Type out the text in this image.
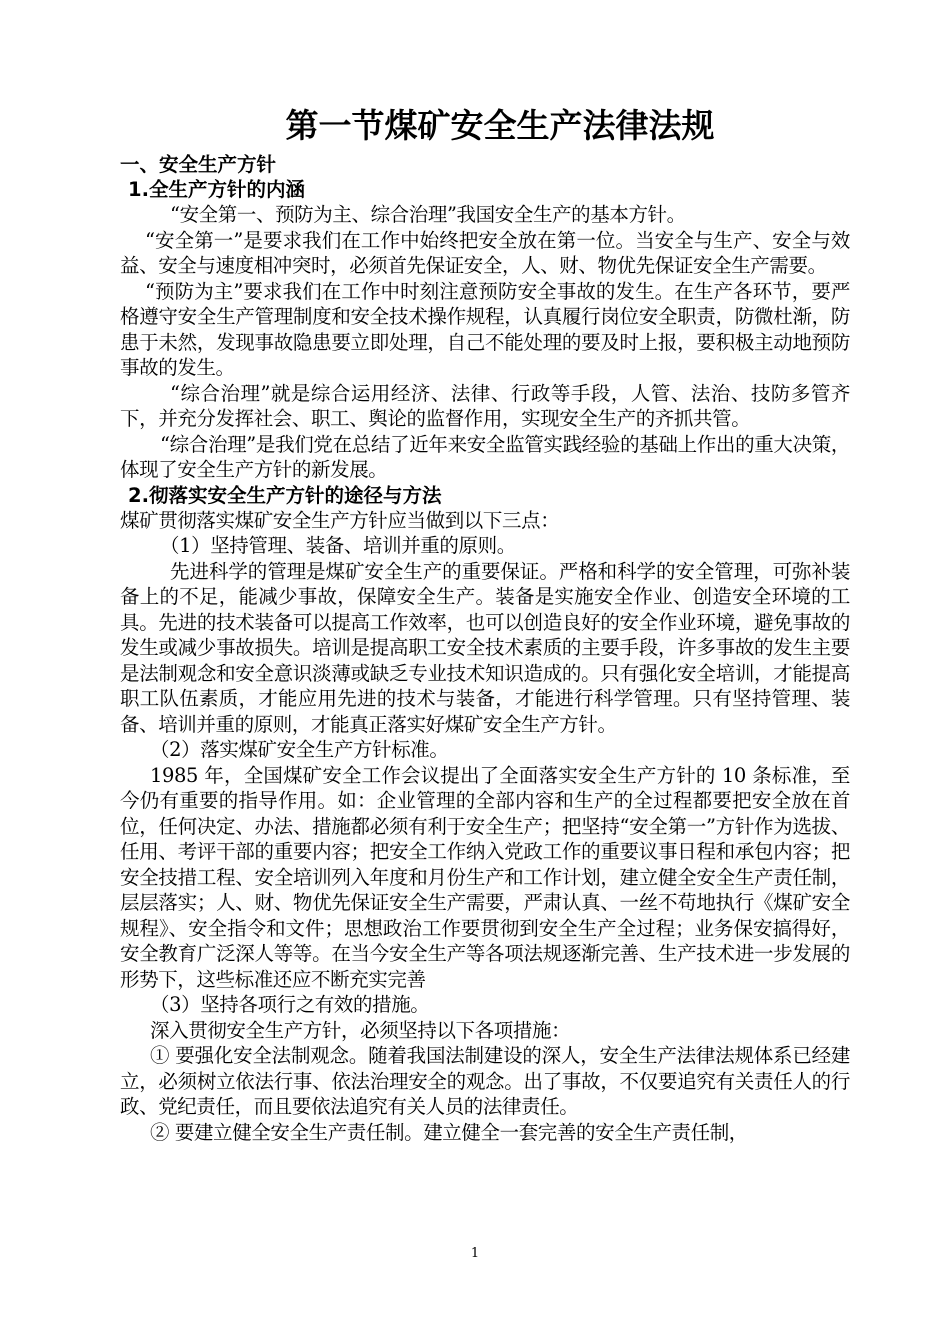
第一节煤矿安全生产法律法规
一、安全生产方针
1.全生产方针的内涵

“安全第一、预防为主、综合治理”我国安全生产的基本方针。

“安全第一”是要求我们在工作中始终把安全放在第一位。当安全与生产、安全与效益、安全与速度相冲突时，必须首先保证安全，人、财、物优先保证安全生产需要。

“预防为主”要求我们在工作中时刻注意预防安全事故的发生。在生产各环节，要严格遵守安全生产管理制度和安全技术操作规程，认真履行岗位安全职责，防微杜渐，防患于未然，发现事故隐患要立即处理，自己不能处理的要及时上报，要积极主动地预防事故的发生。

“综合治理”就是综合运用经济、法律、行政等手段，人管、法治、技防多管齐下，并充分发挥社会、职工、舆论的监督作用，实现安全生产的齐抓共管。

“综合治理”是我们党在总结了近年来安全监管实践经验的基础上作出的重大决策，体现了安全生产方针的新发展。

2.彻落实安全生产方针的途径与方法

煤矿贯彻落实煤矿安全生产方针应当做到以下三点：

（1）坚持管理、装备、培训并重的原则。

先进科学的管理是煤矿安全生产的重要保证。严格和科学的安全管理，可弥补装备上的不足，能减少事故，保障安全生产。装备是实施安全作业、创造安全环境的工具。先进的技术装备可以提高工作效率，也可以创造良好的安全作业环境，避免事故的发生或减少事故损失。培训是提高职工安全技术素质的主要手段，许多事故的发生主要是法制观念和安全意识淡薄或缺乏专业技术知识造成的。只有强化安全培训，才能提高职工队伍素质，才能应用先进的技术与装备，才能进行科学管理。只有坚持管理、装备、培训并重的原则，才能真正落实好煤矿安全生产方针。

（2）落实煤矿安全生产方针标准。

1985 年，全国煤矿安全工作会议提出了全面落实安全生产方针的 10 条标准，至今仍有重要的指导作用。如：企业管理的全部内容和生产的全过程都要把安全放在首位，任何决定、办法、措施都必须有利于安全生产；把坚持“安全第一”方针作为选拔、任用、考评干部的重要内容；把安全工作纳入党政工作的重要议事日程和承包内容；把安全技措工程、安全培训列入年度和月份生产和工作计划，建立健全安全生产责任制，层层落实；人、财、物优先保证安全生产需要，严肃认真、一丝不苟地执行《煤矿安全规程》、安全指令和文件；思想政治工作要贯彻到安全生产全过程；业务保安搞得好，安全教育广泛深人等等。在当今安全生产等各项法规逐渐完善、生产技术进一步发展的形势下，这些标准还应不断充实完善

（3）坚持各项行之有效的措施。

深入贯彻安全生产方针，必须坚持以下各项措施：

① 要强化安全法制观念。随着我国法制建设的深人，安全生产法律法规体系已经建立，必须树立依法行事、依法治理安全的观念。出了事故，不仅要追究有关责任人的行政、党纪责任，而且要依法追究有关人员的法律责任。

② 要建立健全安全生产责任制。建立健全一套完善的安全生产责任制，

1
